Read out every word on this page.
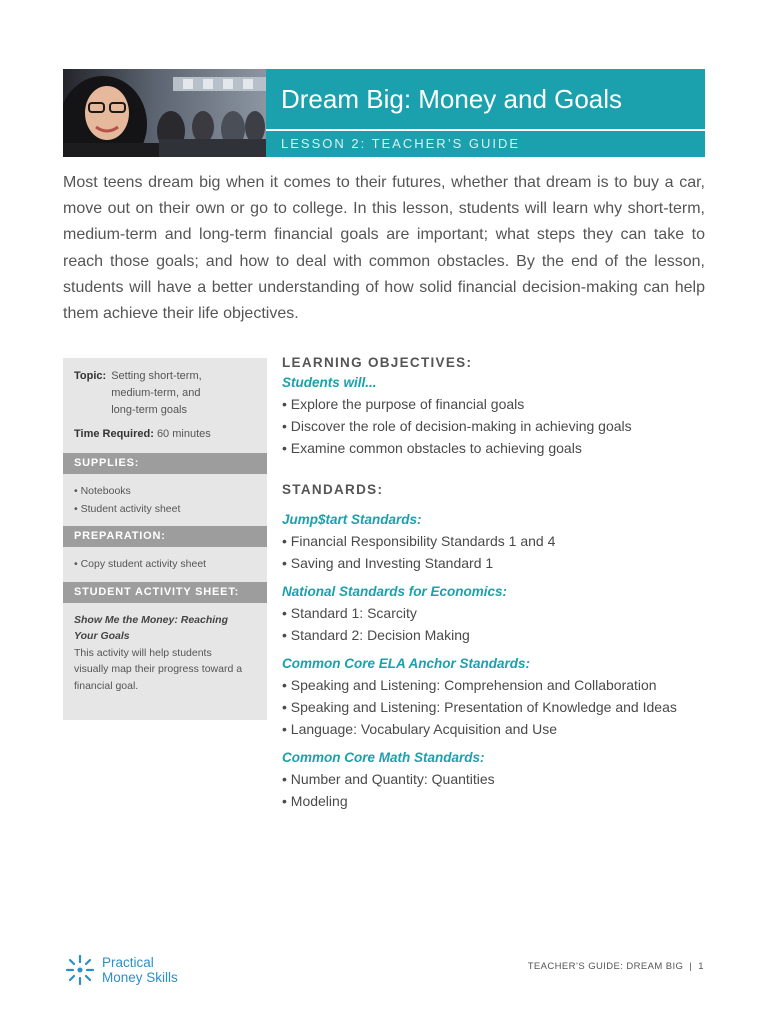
Dream Big: Money and Goals
LESSON 2: TEACHER’S GUIDE

Most teens dream big when it comes to their futures, whether that dream is to buy a car, move out on their own or go to college. In this lesson, students will learn why short-term, medium-term and long-term financial goals are important; what steps they can take to reach those goals; and how to deal with common obstacles. By the end of the lesson, students will have a better understanding of how solid financial decision-making can help them achieve their life objectives.

Topic: Setting short-term,
medium-term, and
long-term goals
Time Required: 60 minutes
SUPPLIES:
• Notebooks
• Student activity sheet
PREPARATION:
• Copy student activity sheet
STUDENT ACTIVITY SHEET:
Show Me the Money: Reaching
Your Goals
This activity will help students
visually map their progress toward a
financial goal.
LEARNING OBJECTIVES:
Students will...
• Explore the purpose of financial goals
• Discover the role of decision-making in achieving goals
• Examine common obstacles to achieving goals
STANDARDS:
Jump$tart Standards:
• Financial Responsibility Standards 1 and 4
• Saving and Investing Standard 1
National Standards for Economics:
• Standard 1: Scarcity
• Standard 2: Decision Making
Common Core ELA Anchor Standards:
• Speaking and Listening: Comprehension and Collaboration
• Speaking and Listening: Presentation of Knowledge and Ideas
• Language: Vocabulary Acquisition and Use
Common Core Math Standards:
• Number and Quantity: Quantities
• Modeling
Practical
Money Skills
TEACHER’S GUIDE: DREAM BIG  |  1
